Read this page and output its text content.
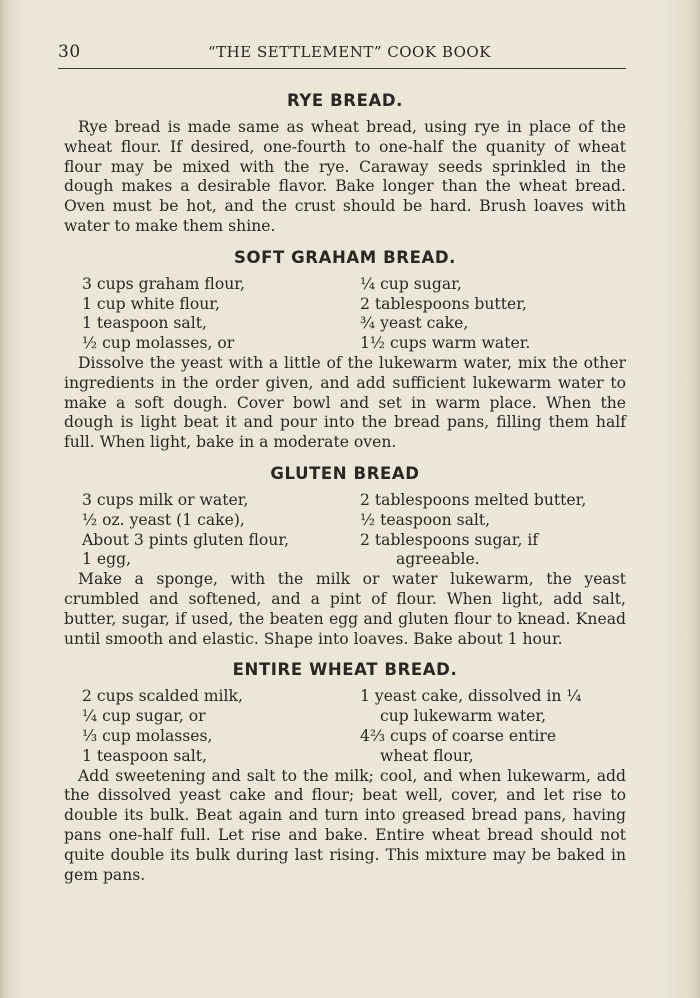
30	“THE SETTLEMENT” COOK BOOK
RYE BREAD.

Rye bread is made same as wheat bread, using rye in place of the wheat flour. If desired, one-fourth to one-half the quanity of wheat flour may be mixed with the rye. Caraway seeds sprinkled in the dough makes a desirable flavor. Bake longer than the wheat bread. Oven must be hot, and the crust should be hard. Brush loaves with water to make them shine.

SOFT GRAHAM BREAD.
3 cups graham flour,
1 cup white flour,
1 teaspoon salt,
½ cup molasses, or
¼ cup sugar,
2 tablespoons butter,
¾ yeast cake,
1½ cups warm water.

Dissolve the yeast with a little of the lukewarm water, mix the other ingredients in the order given, and add sufficient lukewarm water to make a soft dough. Cover bowl and set in warm place. When the dough is light beat it and pour into the bread pans, filling them half full. When light, bake in a moderate oven.

GLUTEN BREAD
3 cups milk or water,
½ oz. yeast (1 cake),
About 3 pints gluten flour,
1 egg,
2 tablespoons melted butter,
½ teaspoon salt,
2 tablespoons sugar, if
agreeable.

Make a sponge, with the milk or water lukewarm, the yeast crumbled and softened, and a pint of flour. When light, add salt, butter, sugar, if used, the beaten egg and gluten flour to knead. Knead until smooth and elastic. Shape into loaves. Bake about 1 hour.

ENTIRE WHEAT BREAD.
2 cups scalded milk,
¼ cup sugar, or
⅓ cup molasses,
1 teaspoon salt,
1 yeast cake, dissolved in ¼
cup lukewarm water,
4⅔ cups of coarse entire
wheat flour,

Add sweetening and salt to the milk; cool, and when lukewarm, add the dissolved yeast cake and flour; beat well, cover, and let rise to double its bulk. Beat again and turn into greased bread pans, having pans one-half full. Let rise and bake. Entire wheat bread should not quite double its bulk during last rising. This mixture may be baked in gem pans.
